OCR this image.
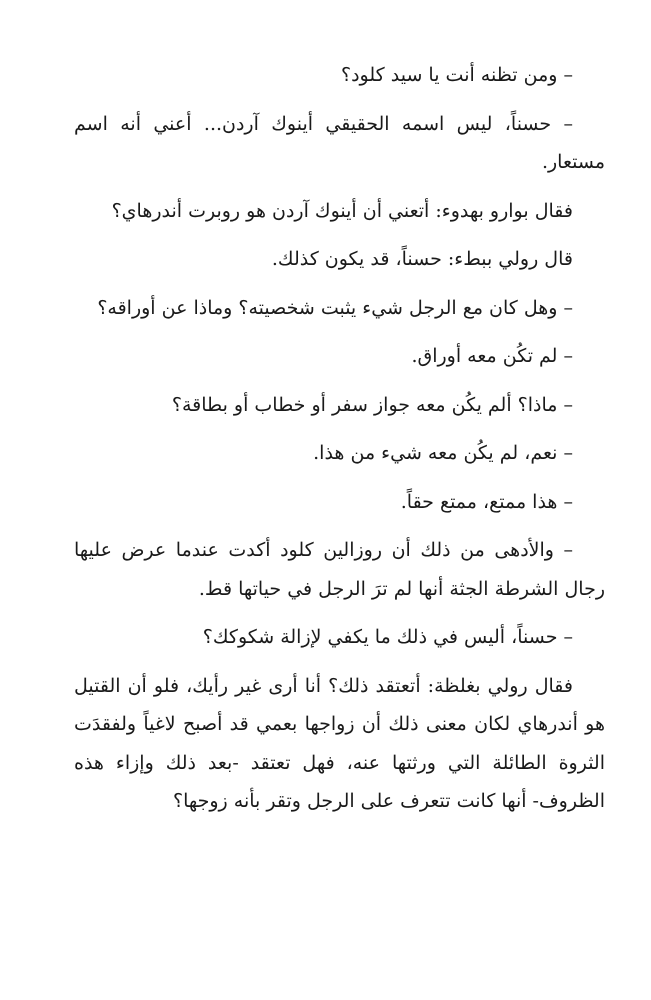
– ومن تظنه أنت يا سيد كلود؟

– حسناً، ليس اسمه الحقيقي أينوك آردن... أعني أنه اسم مستعار.

فقال بوارو بهدوء: أتعني أن أينوك آردن هو روبرت أندرهاي؟

قال رولي ببطء: حسناً، قد يكون كذلك.

– وهل كان مع الرجل شيء يثبت شخصيته؟ وماذا عن أوراقه؟

– لم تكُن معه أوراق.

– ماذا؟ ألم يكُن معه جواز سفر أو خطاب أو بطاقة؟

– نعم، لم يكُن معه شيء من هذا.

– هذا ممتع، ممتع حقاً.

– والأدهى من ذلك أن روزالين كلود أكدت عندما عرض عليها رجال الشرطة الجثة أنها لم ترَ الرجل في حياتها قط.

– حسناً، أليس في ذلك ما يكفي لإزالة شكوكك؟

فقال رولي بغلظة: أتعتقد ذلك؟ أنا أرى غير رأيك، فلو أن القتيل هو أندرهاي لكان معنى ذلك أن زواجها بعمي قد أصبح لاغياً ولفقدَت الثروة الطائلة التي ورثتها عنه، فهل تعتقد -بعد ذلك وإزاء هذه الظروف- أنها كانت تتعرف على الرجل وتقر بأنه زوجها؟
